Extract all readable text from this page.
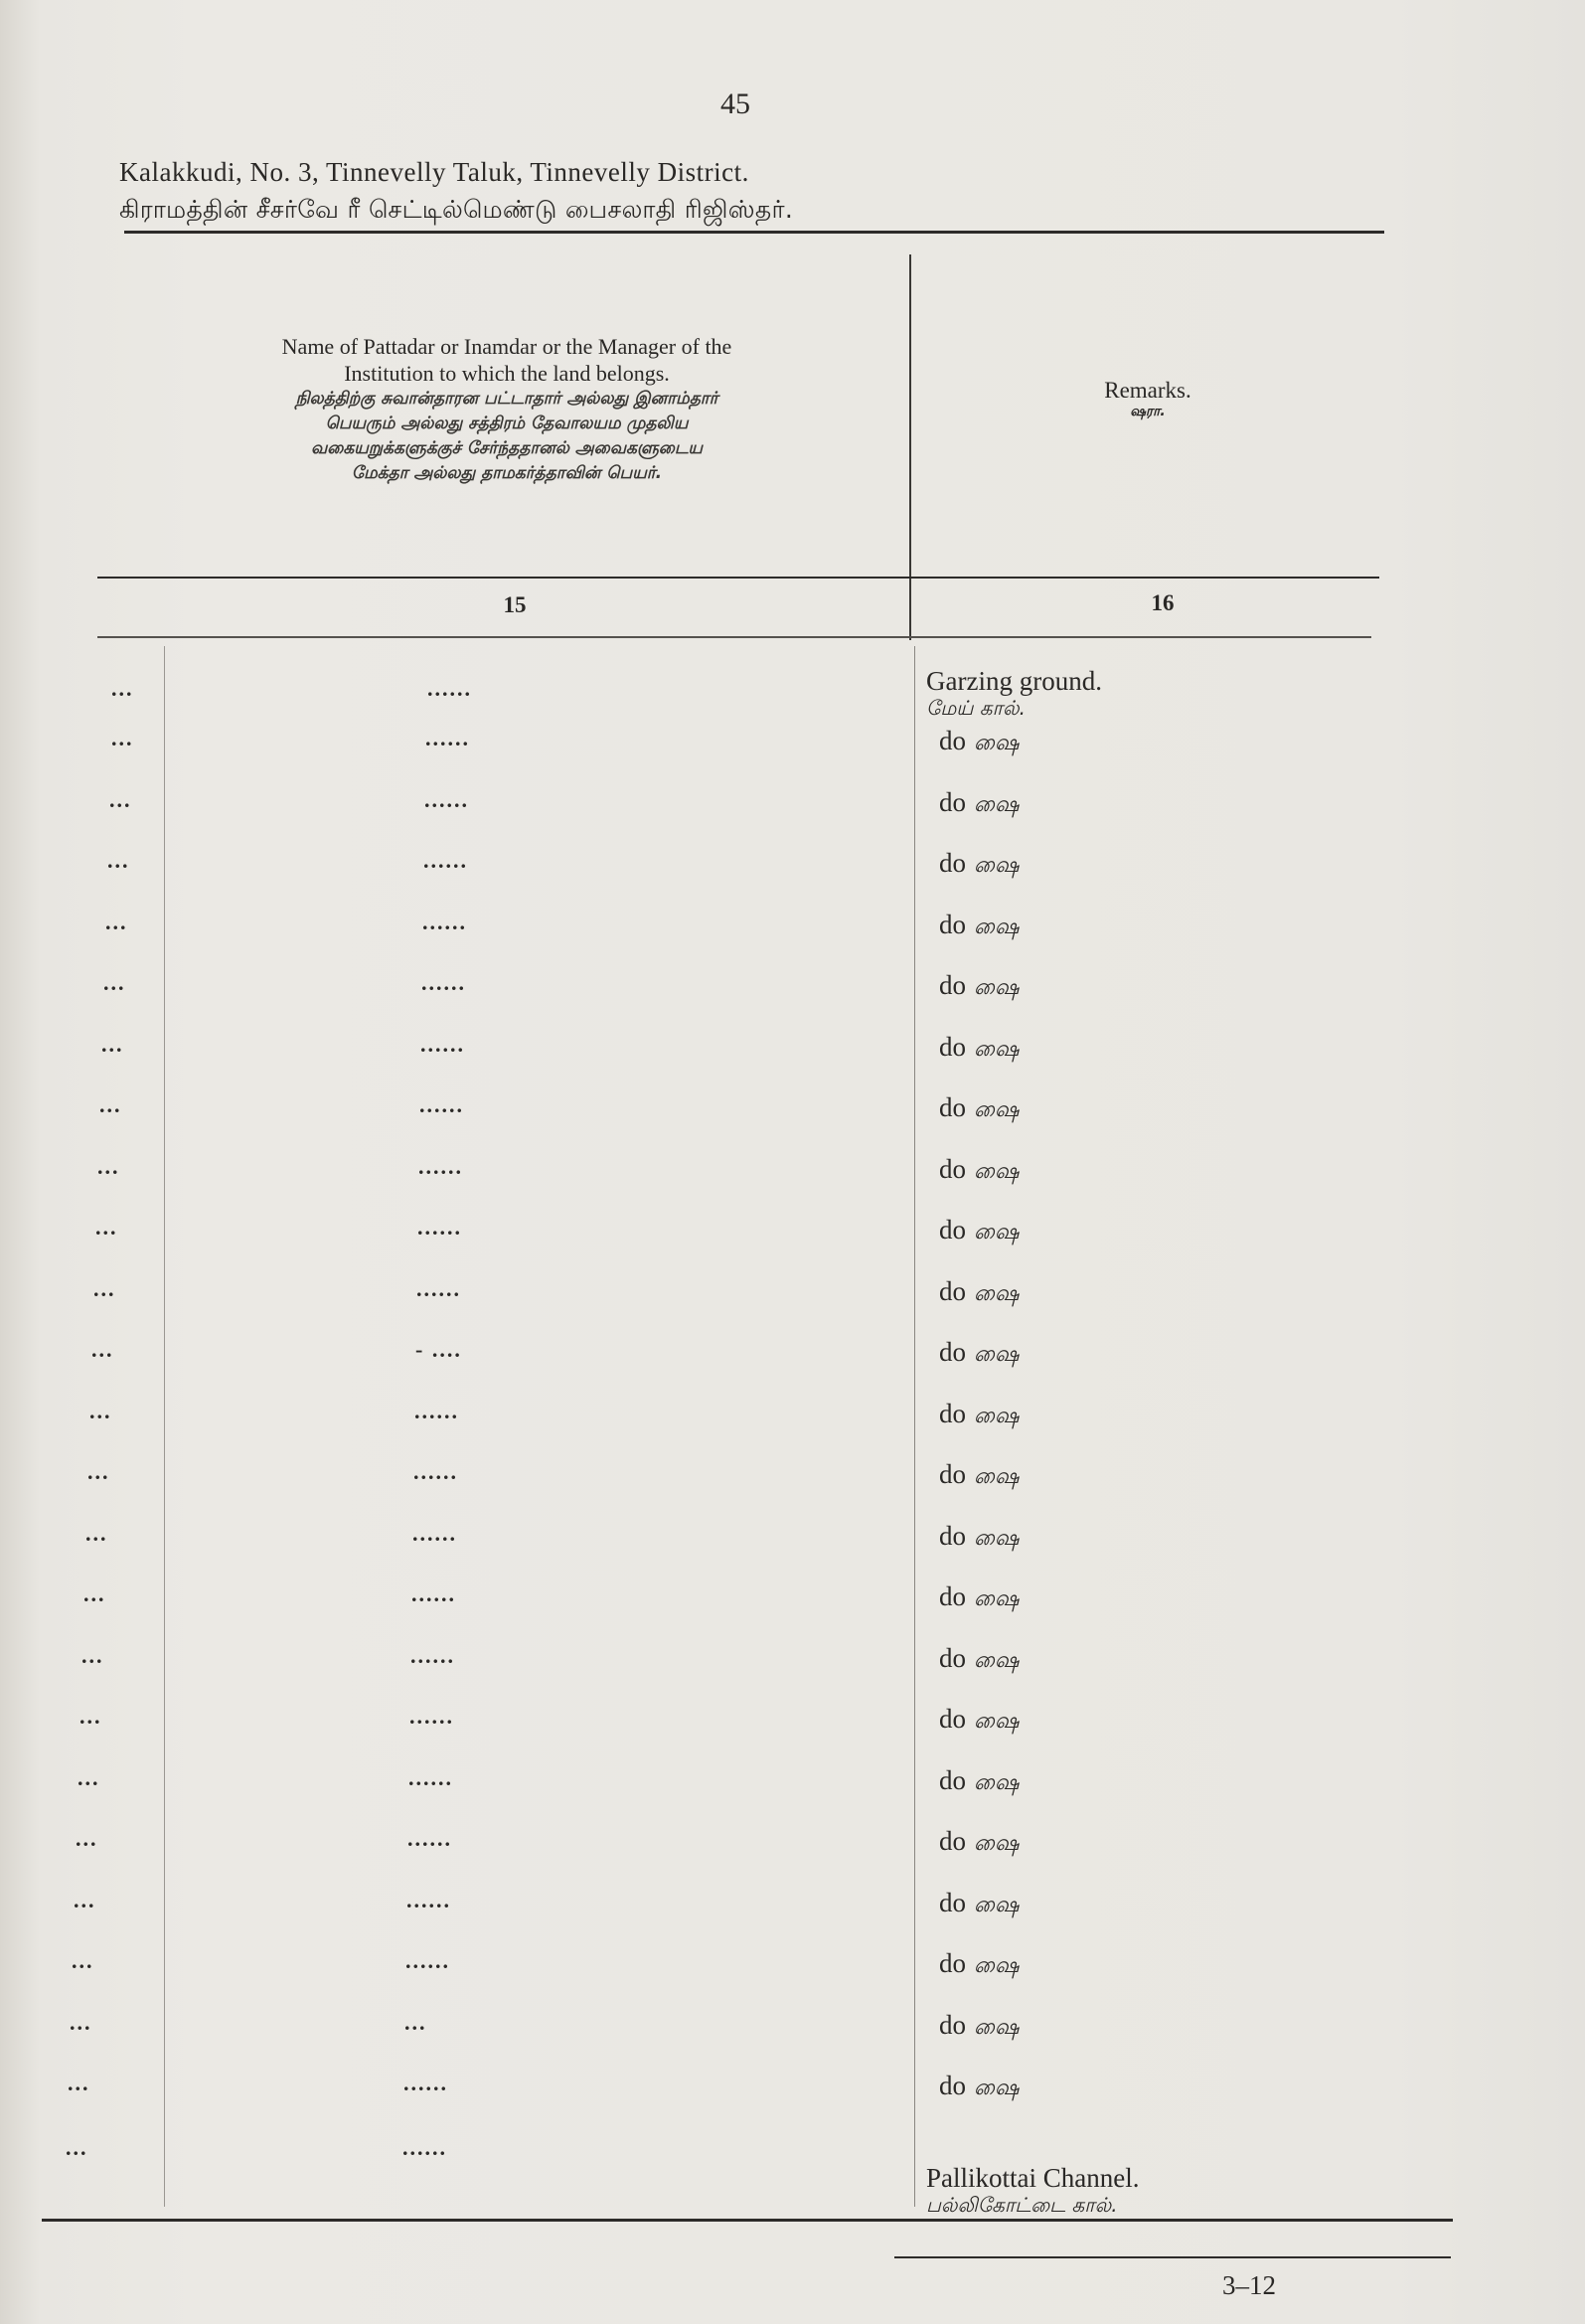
45
Kalakkudi, No. 3, Tinnevelly Taluk, Tinnevelly District.
கிராமத்தின் சீசர்வே ரீ செட்டில்மெண்டு பைசலாதி ரிஜிஸ்தர்.
Name of Pattadar or Inamdar or the Manager of the
Institution to which the land belongs.
நிலத்திற்கு சுவான்தாரன பட்டாதார் அல்லது இனாம்தார்
பெயரும் அல்லது சத்திரம் தேவாலயம முதலிய
வகையறுக்களுக்குச் சேர்ந்ததானல் அவைகளுடைய
மேக்தா அல்லது தாமகர்த்தாவின் பெயர்.
Remarks.
ஷரா.
15	16
...	......	Garzing ground.
மேய் கால்.
...	......	do ஷை
...	......	do ஷை
...	......	do ஷை
...	......	do ஷை
...	......	do ஷை
...	......	do ஷை
...	......	do ஷை
...	......	do ஷை
...	......	do ஷை
...	......	do ஷை
...	- ....	do ஷை
...	......	do ஷை
...	......	do ஷை
...	......	do ஷை
...	......	do ஷை
...	......	do ஷை
...	......	do ஷை
...	......	do ஷை
...	......	do ஷை
...	......	do ஷை
...	......	do ஷை
...	...	do ஷை
...	......	do ஷை
...	......
Pallikottai Channel.
பல்லிகோட்டை கால்.
3–12
